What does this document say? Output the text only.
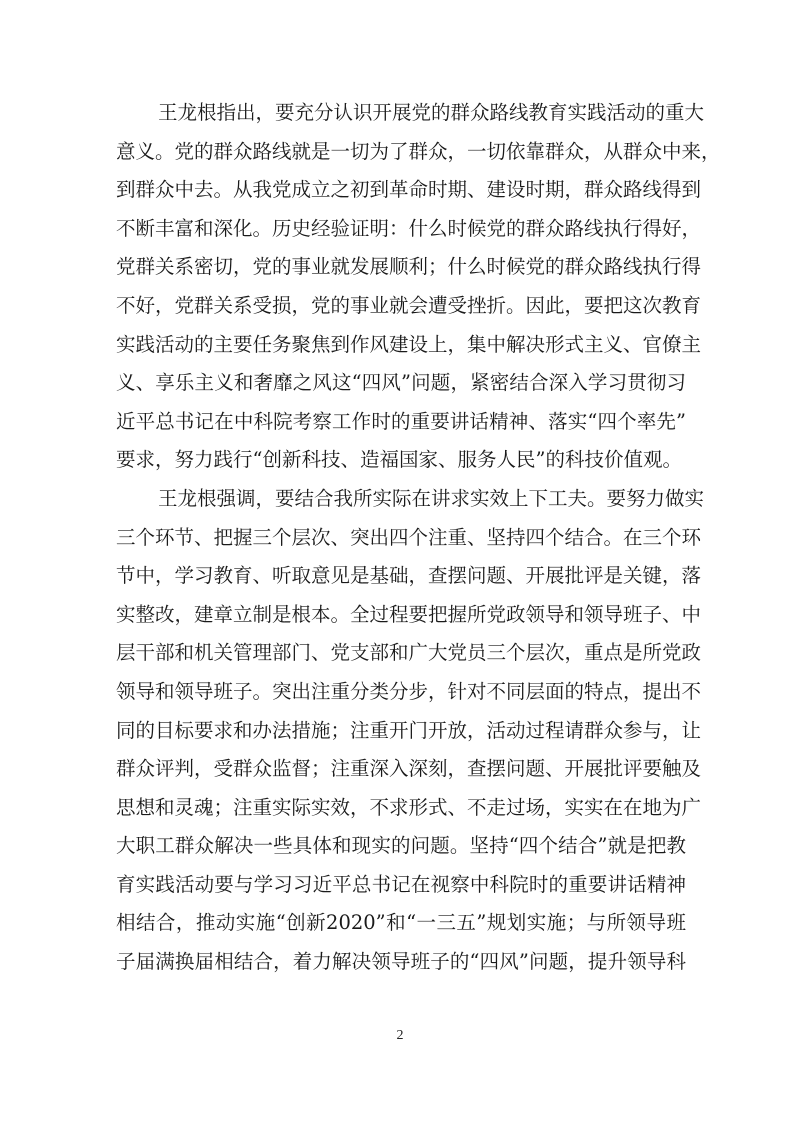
王龙根指出，要充分认识开展党的群众路线教育实践活动的重大
意义。党的群众路线就是一切为了群众，一切依靠群众，从群众中来，
到群众中去。从我党成立之初到革命时期、建设时期，群众路线得到
不断丰富和深化。历史经验证明：什么时候党的群众路线执行得好，
党群关系密切，党的事业就发展顺利；什么时候党的群众路线执行得
不好，党群关系受损，党的事业就会遭受挫折。因此，要把这次教育
实践活动的主要任务聚焦到作风建设上，集中解决形式主义、官僚主
义、享乐主义和奢靡之风这“四风”问题，紧密结合深入学习贯彻习
近平总书记在中科院考察工作时的重要讲话精神、落实“四个率先”
要求，努力践行“创新科技、造福国家、服务人民”的科技价值观。
王龙根强调，要结合我所实际在讲求实效上下工夫。要努力做实
三个环节、把握三个层次、突出四个注重、坚持四个结合。在三个环
节中，学习教育、听取意见是基础，查摆问题、开展批评是关键，落
实整改，建章立制是根本。全过程要把握所党政领导和领导班子、中
层干部和机关管理部门、党支部和广大党员三个层次，重点是所党政
领导和领导班子。突出注重分类分步，针对不同层面的特点，提出不
同的目标要求和办法措施；注重开门开放，活动过程请群众参与，让
群众评判，受群众监督；注重深入深刻，查摆问题、开展批评要触及
思想和灵魂；注重实际实效，不求形式、不走过场，实实在在地为广
大职工群众解决一些具体和现实的问题。坚持“四个结合”就是把教
育实践活动要与学习习近平总书记在视察中科院时的重要讲话精神
相结合，推动实施“创新2020”和“一三五”规划实施；与所领导班
子届满换届相结合，着力解决领导班子的“四风”问题，提升领导科
2
